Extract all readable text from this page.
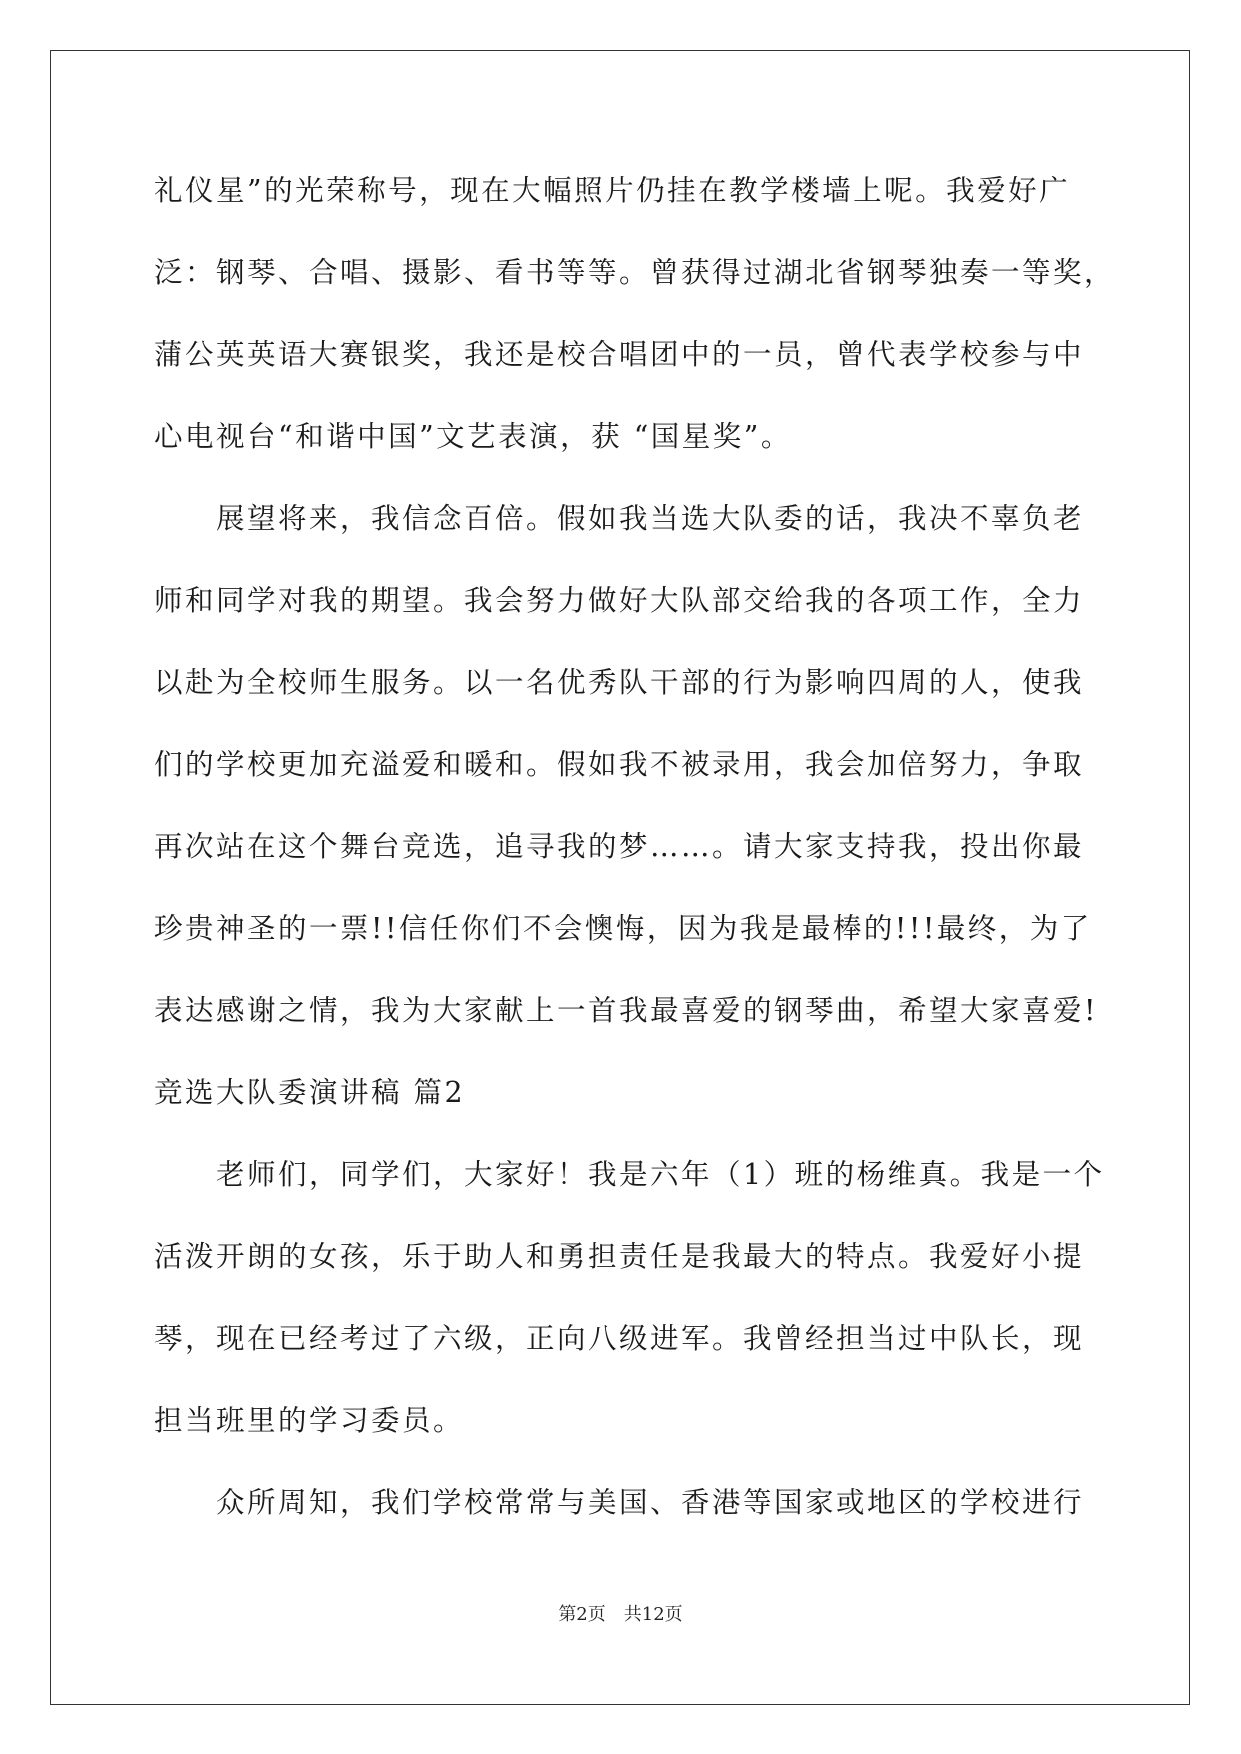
礼仪星”的光荣称号，现在大幅照片仍挂在教学楼墙上呢。我爱好广
泛：钢琴、合唱、摄影、看书等等。曾获得过湖北省钢琴独奏一等奖，
蒲公英英语大赛银奖，我还是校合唱团中的一员，曾代表学校参与中
心电视台“和谐中国”文艺表演，获 “国星奖”。
　　展望将来，我信念百倍。假如我当选大队委的话，我决不辜负老
师和同学对我的期望。我会努力做好大队部交给我的各项工作，全力
以赴为全校师生服务。以一名优秀队干部的行为影响四周的人，使我
们的学校更加充溢爱和暖和。假如我不被录用，我会加倍努力，争取
再次站在这个舞台竞选，追寻我的梦……。请大家支持我，投出你最
珍贵神圣的一票!!信任你们不会懊悔，因为我是最棒的!!!最终，为了
表达感谢之情，我为大家献上一首我最喜爱的钢琴曲，希望大家喜爱!
竞选大队委演讲稿 篇2
　　老师们，同学们，大家好！我是六年（1）班的杨维真。我是一个
活泼开朗的女孩，乐于助人和勇担责任是我最大的特点。我爱好小提
琴，现在已经考过了六级，正向八级进军。我曾经担当过中队长，现
担当班里的学习委员。
　　众所周知，我们学校常常与美国、香港等国家或地区的学校进行
第2页　共12页
